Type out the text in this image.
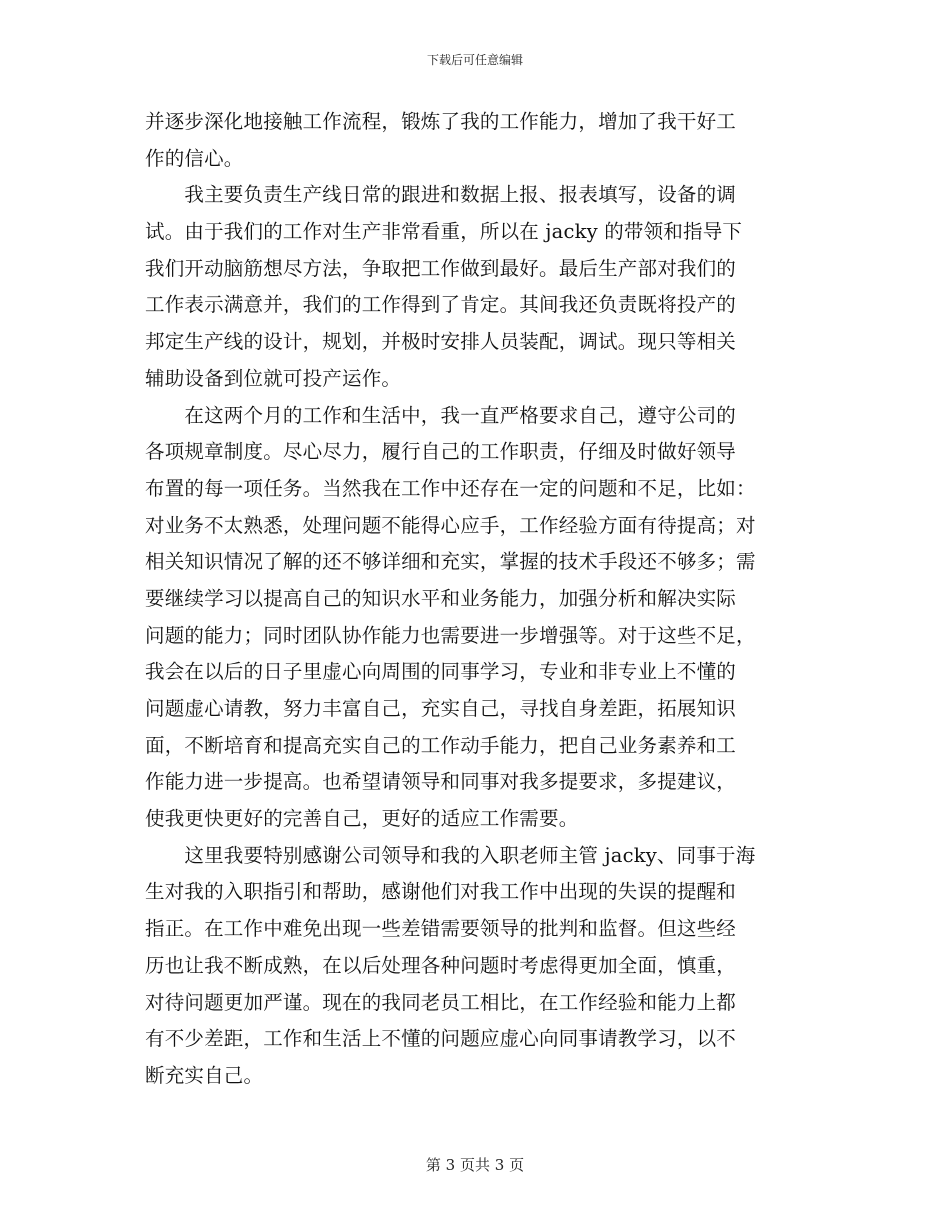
下载后可任意编辑
并逐步深化地接触工作流程，锻炼了我的工作能力，增加了我干好工
作的信心。
　　我主要负责生产线日常的跟进和数据上报、报表填写，设备的调
试。由于我们的工作对生产非常看重，所以在 jacky 的带领和指导下
我们开动脑筋想尽方法，争取把工作做到最好。最后生产部对我们的
工作表示满意并，我们的工作得到了肯定。其间我还负责既将投产的
邦定生产线的设计，规划，并极时安排人员装配，调试。现只等相关
辅助设备到位就可投产运作。
　　在这两个月的工作和生活中，我一直严格要求自己，遵守公司的
各项规章制度。尽心尽力，履行自己的工作职责，仔细及时做好领导
布置的每一项任务。当然我在工作中还存在一定的问题和不足，比如：
对业务不太熟悉，处理问题不能得心应手，工作经验方面有待提高；对
相关知识情况了解的还不够详细和充实，掌握的技术手段还不够多；需
要继续学习以提高自己的知识水平和业务能力，加强分析和解决实际
问题的能力；同时团队协作能力也需要进一步增强等。对于这些不足，
我会在以后的日子里虚心向周围的同事学习，专业和非专业上不懂的
问题虚心请教，努力丰富自己，充实自己，寻找自身差距，拓展知识
面，不断培育和提高充实自己的工作动手能力，把自己业务素养和工
作能力进一步提高。也希望请领导和同事对我多提要求，多提建议，
使我更快更好的完善自己，更好的适应工作需要。
　　这里我要特别感谢公司领导和我的入职老师主管 jacky、同事于海
生对我的入职指引和帮助，感谢他们对我工作中出现的失误的提醒和
指正。在工作中难免出现一些差错需要领导的批判和监督。但这些经
历也让我不断成熟，在以后处理各种问题时考虑得更加全面，慎重，
对待问题更加严谨。现在的我同老员工相比，在工作经验和能力上都
有不少差距，工作和生活上不懂的问题应虚心向同事请教学习，以不
断充实自己。
第 3 页共 3 页
